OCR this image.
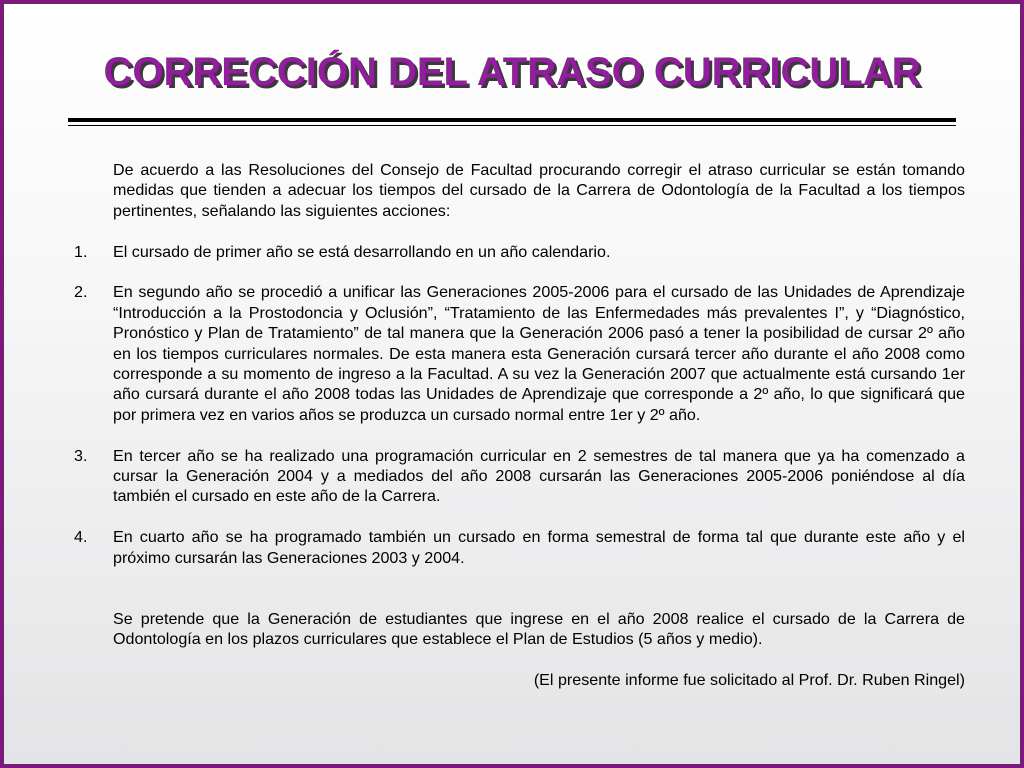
CORRECCIÓN DEL ATRASO CURRICULAR

De acuerdo a las Resoluciones del Consejo de Facultad procurando corregir el atraso curricular se están tomando medidas que tienden a adecuar los tiempos del cursado de la Carrera de Odontología de la Facultad a los tiempos pertinentes, señalando las siguientes acciones:

1. El cursado de primer año se está desarrollando en un año calendario.
2. En segundo año se procedió a unificar las Generaciones 2005-2006 para el cursado de las Unidades de Aprendizaje “Introducción a la Prostodoncia y Oclusión”, “Tratamiento de las Enfermedades más prevalentes I”, y “Diagnóstico, Pronóstico y Plan de Tratamiento” de tal manera que la Generación 2006 pasó a tener la posibilidad de cursar 2º año en los tiempos curriculares normales. De esta manera esta Generación cursará tercer año durante el año 2008 como corresponde a su momento de ingreso a la Facultad. A su vez la Generación 2007 que actualmente está cursando 1er año cursará durante el año 2008 todas las Unidades de Aprendizaje que corresponde a 2º año, lo que significará que por primera vez en varios años se produzca un cursado normal entre 1er y 2º año.
3. En tercer año se ha realizado una programación curricular en 2 semestres de tal manera que ya ha comenzado a cursar la Generación 2004 y a mediados del año 2008 cursarán las Generaciones 2005-2006 poniéndose al día también el cursado en este año de la Carrera.
4. En cuarto año se ha programado también un cursado en forma semestral de forma tal que durante este año y el próximo cursarán las Generaciones 2003 y 2004.

Se pretende que la Generación de estudiantes que ingrese en el año 2008 realice el cursado de la Carrera de Odontología en los plazos curriculares que establece el Plan de Estudios (5 años y medio).

(El presente informe fue solicitado al Prof. Dr. Ruben Ringel)
